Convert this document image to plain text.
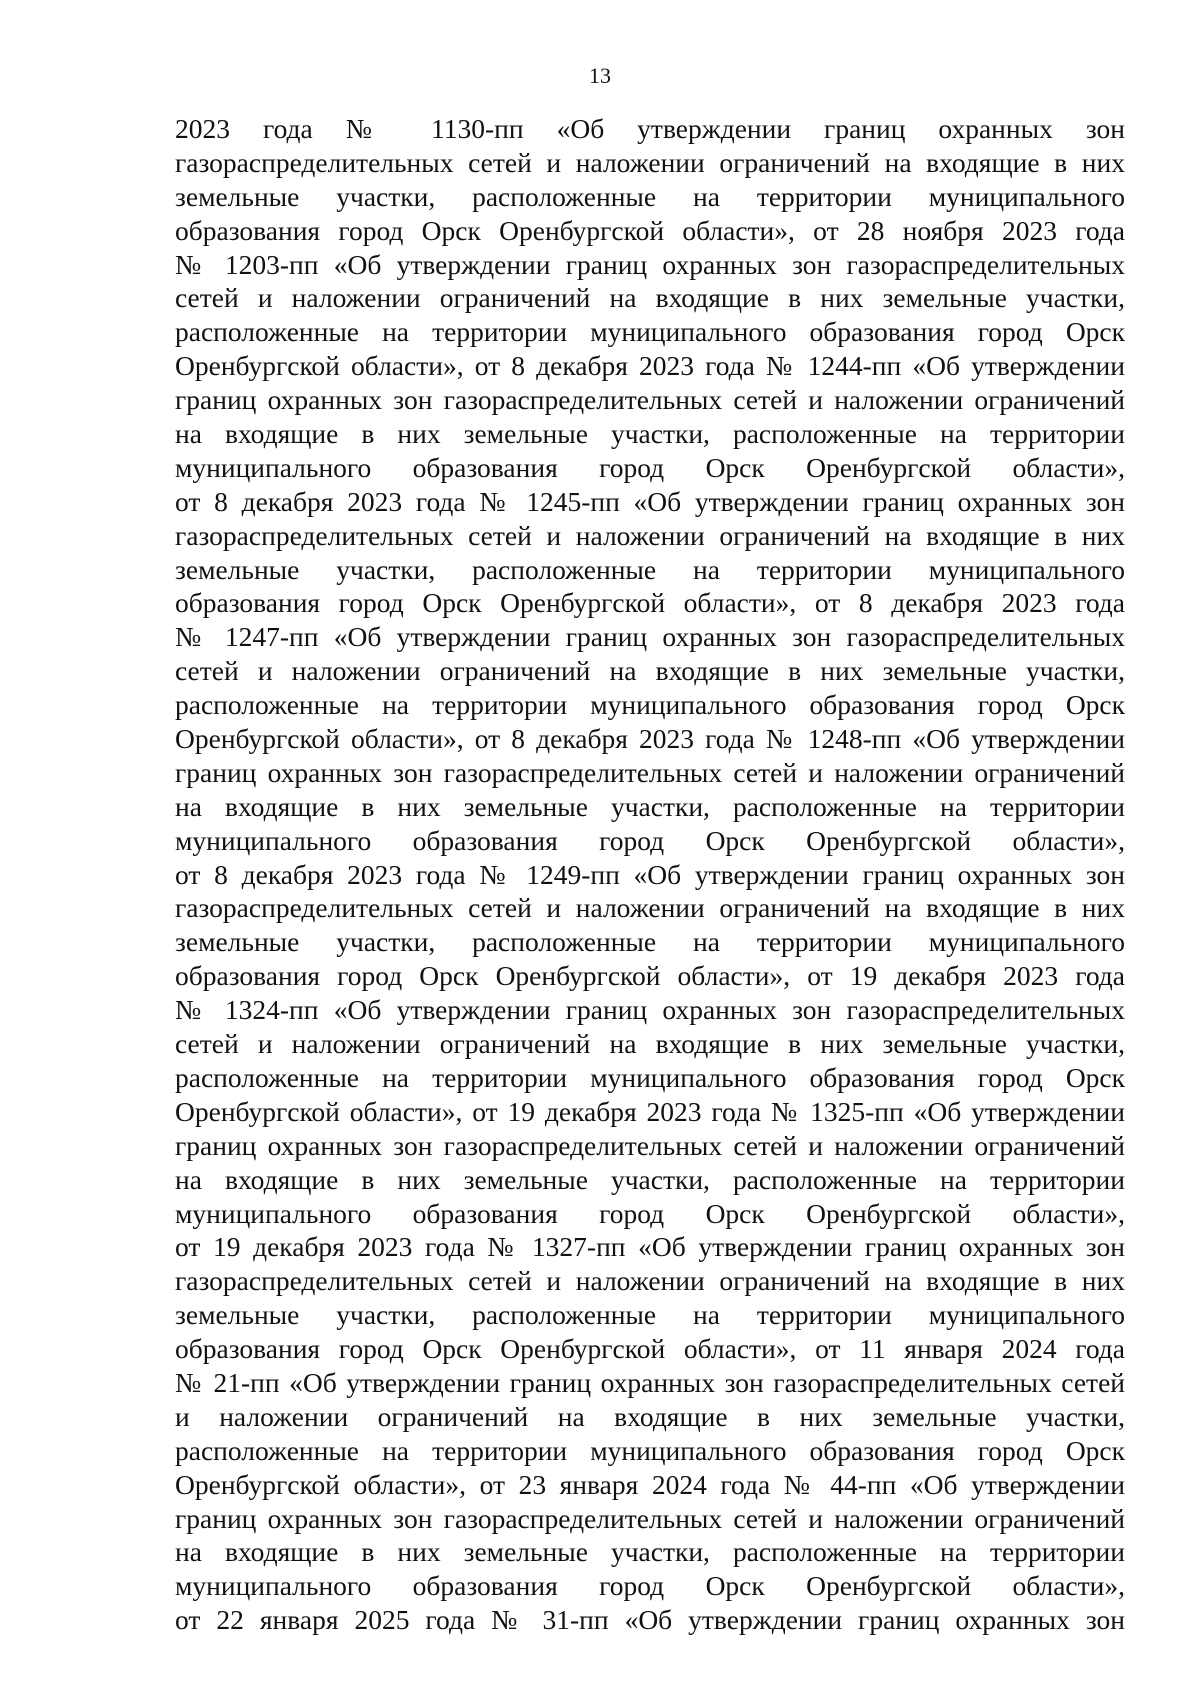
13
2023 года № 1130-пп «Об утверждении границ охранных зон
газораспределительных сетей и наложении ограничений на входящие в них
земельные участки, расположенные на территории муниципального
образования город Орск Оренбургской области», от 28 ноября 2023 года
№ 1203-пп «Об утверждении границ охранных зон газораспределительных
сетей и наложении ограничений на входящие в них земельные участки,
расположенные на территории муниципального образования город Орск
Оренбургской области», от 8 декабря 2023 года № 1244-пп «Об утверждении
границ охранных зон газораспределительных сетей и наложении ограничений
на входящие в них земельные участки, расположенные на территории
муниципального образования город Орск Оренбургской области»,
от 8 декабря 2023 года № 1245-пп «Об утверждении границ охранных зон
газораспределительных сетей и наложении ограничений на входящие в них
земельные участки, расположенные на территории муниципального
образования город Орск Оренбургской области», от 8 декабря 2023 года
№ 1247-пп «Об утверждении границ охранных зон газораспределительных
сетей и наложении ограничений на входящие в них земельные участки,
расположенные на территории муниципального образования город Орск
Оренбургской области», от 8 декабря 2023 года № 1248-пп «Об утверждении
границ охранных зон газораспределительных сетей и наложении ограничений
на входящие в них земельные участки, расположенные на территории
муниципального образования город Орск Оренбургской области»,
от 8 декабря 2023 года № 1249-пп «Об утверждении границ охранных зон
газораспределительных сетей и наложении ограничений на входящие в них
земельные участки, расположенные на территории муниципального
образования город Орск Оренбургской области», от 19 декабря 2023 года
№ 1324-пп «Об утверждении границ охранных зон газораспределительных
сетей и наложении ограничений на входящие в них земельные участки,
расположенные на территории муниципального образования город Орск
Оренбургской области», от 19 декабря 2023 года № 1325-пп «Об утверждении
границ охранных зон газораспределительных сетей и наложении ограничений
на входящие в них земельные участки, расположенные на территории
муниципального образования город Орск Оренбургской области»,
от 19 декабря 2023 года № 1327-пп «Об утверждении границ охранных зон
газораспределительных сетей и наложении ограничений на входящие в них
земельные участки, расположенные на территории муниципального
образования город Орск Оренбургской области», от 11 января 2024 года
№ 21-пп «Об утверждении границ охранных зон газораспределительных сетей
и наложении ограничений на входящие в них земельные участки,
расположенные на территории муниципального образования город Орск
Оренбургской области», от 23 января 2024 года № 44-пп «Об утверждении
границ охранных зон газораспределительных сетей и наложении ограничений
на входящие в них земельные участки, расположенные на территории
муниципального образования город Орск Оренбургской области»,
от 22 января 2025 года № 31-пп «Об утверждении границ охранных зон
